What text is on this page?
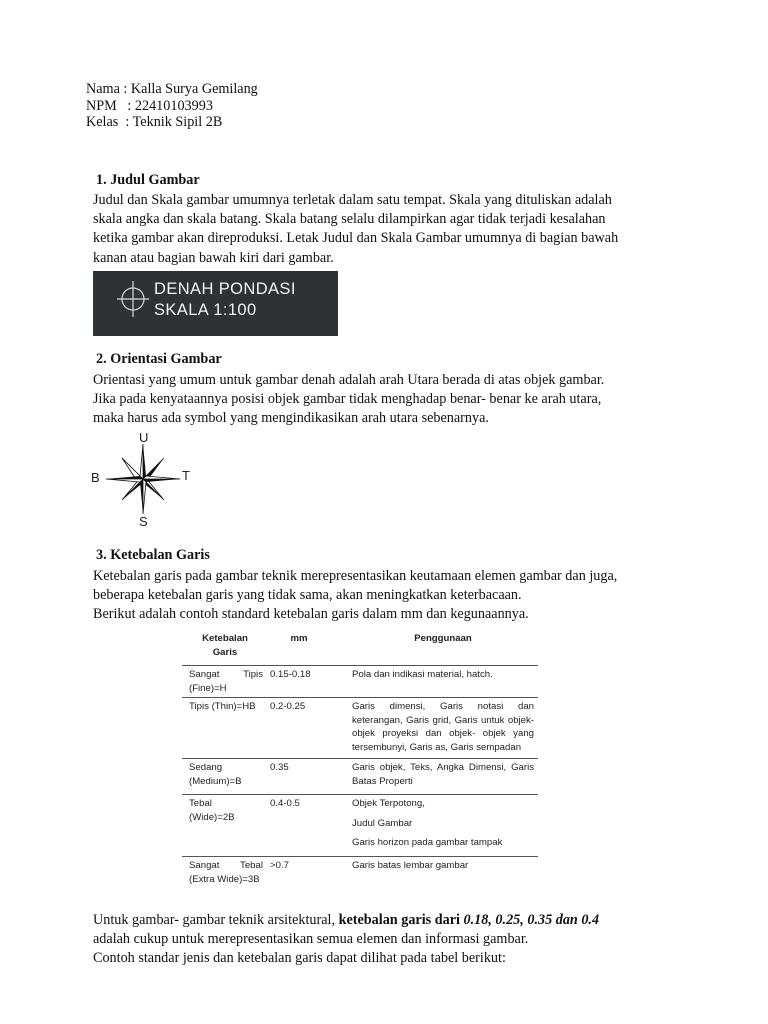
Nama : Kalla Surya Gemilang
NPM   : 22410103993
Kelas  : Teknik Sipil 2B
1. Judul Gambar
Judul dan Skala gambar umumnya terletak dalam satu tempat. Skala yang dituliskan adalah
skala angka dan skala batang. Skala batang selalu dilampirkan agar tidak terjadi kesalahan
ketika gambar akan direproduksi. Letak Judul dan Skala Gambar umumnya di bagian bawah
kanan atau bagian bawah kiri dari gambar.
DENAH PONDASI
SKALA 1:100
2. Orientasi Gambar
Orientasi yang umum untuk gambar denah adalah arah Utara berada di atas objek gambar.
Jika pada kenyataannya posisi objek gambar tidak menghadap benar- benar ke arah utara,
maka harus ada symbol yang mengindikasikan arah utara sebenarnya.
U
S
B	T
3. Ketebalan Garis
Ketebalan garis pada gambar teknik merepresentasikan keutamaan elemen gambar dan juga,
beberapa ketebalan garis yang tidak sama, akan meningkatkan keterbacaan.
Berikut adalah contoh standard ketebalan garis dalam mm dan kegunaannya.
Ketebalan
Garis
mm	Penggunaan
Sangat Tipis
(Fine)=H
0.15-0.18	Pola dan indikasi material, hatch.
Tipis (Thin)=HB	0.2-0.25	Garis dimensi, Garis notasi dan
keterangan, Garis grid, Garis untuk objek-
objek proyeksi dan objek- objek yang
tersembunyi, Garis as, Garis sempadan
Sedang
(Medium)=B
0.35	Garis objek, Teks, Angka Dimensi, Garis
Batas Properti
Tebal
(Wide)=2B
0.4-0.5	Objek Terpotong,
Judul Gambar
Garis horizon pada gambar tampak
Sangat Tebal
(Extra Wide)=3B
>0.7	Garis batas lembar gambar
Untuk gambar- gambar teknik arsitektural, ketebalan garis dari 0.18, 0.25, 0.35 dan 0.4
adalah cukup untuk merepresentasikan semua elemen dan informasi gambar.
Contoh standar jenis dan ketebalan garis dapat dilihat pada tabel berikut:
